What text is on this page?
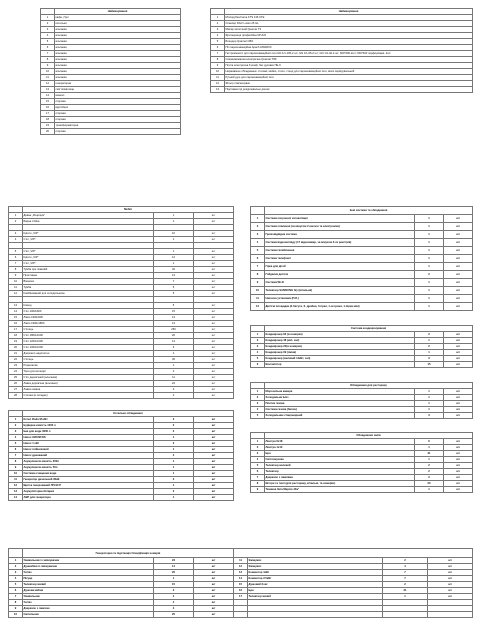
	Найменування
1	кафе „Грог
2	котельня
3	альтанка
4	альтанка
5	альтанка
6	альтанка
7	альтанка
8	альтанка
9	альтанка
10	альтанка
11	альтанка
12	генераторна
13	сміттєзвалище
14	мангал
15	огорожа
16	відстійник
17	огорожа
18	огорожа
19	трансформаторна
20	огорожа
	Найменування
1	М'ясорубка Fama FTS 136 UTE
2	Спаклер RGV Lusso 25 GL
3	Міксер молочний Quamar T2
4	Фритюрниця професійна 6Р-Zx6
5	Блендер Quamar CB/1
6	Піч пароконвекційна Apach ASWRXC
7	Гастроємності для пароконвекційної печі GN 1/1-100-2 шт; GN 1/1-65-2 шт; GN 1/1-40-2 шт; 600*400-2шт; 600*400 перфоровані- 2шт
8	Соковижималка електрична Quamar T89
9	Плита електрична 6 конф. без духовки ПЕ-6
10	Нержавіюче обладнання: стелажі, мийки, столи, стенд для пароконвекційної печі, візок сервірувальний
11	Ручний душ для пароконвекційної печі
12	Фільтр пом'якшувач
13	Підставка під розділювальні дошки
	Меблі		
1	Диван „Рецепція"	1	шт
2	Барна стійка	1	шт

3	Крісло „VIP"	10	шт
4	Стіл „VIP"	1	шт

5	Стіл „VIP"	1	шт
6	Крісло „VIP"	12	шт
7	Стіл „VIP"	1	шт
8	Тумба при ліжковій	32	шт
9	Приставна	13	шт
10	Вішалка	7	шт
11	Тумба	5	шт
12	Комбінований для холодильника	5	шт

13	Комод	5	шт
14	Стіл 1000х600	15	шт
15	Ліжко 1900х900	13	шт
16	Ліжко 1900х1800	13	шт
17	Стілець	250	шт
18	Стіл 1800х1000	26	шт
19	Стіл 1200х1000	14	шт
20	Стіл 1000х1000	6	шт
21	Дзеркало надплитне	1	шт
22	Стілець	36	шт
23	Роздягалка	1	шт
24	Трон для молодят	2	шт
25	Стіл дерев'яний (альтанки)	11	шт
26	Лавка дерев'яна (альтанки)	22	шт
27	Лавка кована	3	шт
28	Стелаж (в складах)	2	шт
	Інші системи та обладнання		
1	Система охоронної сигналізації	1	шт
2	Система опалення (за мінусом 2 насоси та електроніки)	1	шт
3	Громовідвідна система	1	шт
4	Система відеонагляду (17 відеокамер, за мінусом 2-ох реєстрів)	1	шт
5	Система галабачення	1	шт
6	Система телефонії	1	шт
7	Гірка для дітей	1	шт
8	Гойдалка дитяча	2	шт
9	Система Wi-Fi	1	шт
10	Телевізор SAMSUNG б/у (вітальня)	1	шт
11	Насосна установка (П.П.)	1	шт
12	Дитяча площадка (2-батути, 6- драбин, 3-гірки, 1-огорожа, 1-пірна міні)	1	шт
	Система кондиціонування		
1	Кондиціонер 60 (в номерах)	2	шт
2	Кондиціонер 48 (міл. зал)	1	шт
3	Кондиціонер 24(в номерах)	2	шт
4	Кондиціонер 09 (зміна)	1	шт
5	Кондиціонер (великий 14кВт, зал)	3	шт
6	Вентилятор	15	шт
	Обладнання для ресторану		
1	Морозильна камера	1	шт
2	Холодильна Бліз	1	шт
3	Плитка газова	1	шт
4	Система газова (балон)	1	шт
5	Холодильник стаціонарний	3	шт
	Котельня обладнання		
1	Котел Roda 96 кВт	3	шт
2	Буферна ємність 1000 л	2	шт
3	Бак для води 3000 л	2	шт
4	Насос GRUNFOS	1	шт
5	Насос 1 кВт	2	шт
6	Насос гнійниковий	1	шт
7	Насос дренажний	4	шт
8	Акумулююча ємність 300л	1	шт
9	Акумулююча ємність 50л	1	шт
10	Система очищення води	1	шт
11	Генератор дизельний 30кВ	2	шт
12	Щиток генерований ПП-90 Р	1	шт
13	Акумуляторна батарея	2	шт
14	АВР для генератора	1	шт
	Обладнання залів		
1	Люстра 6х18	6	шт
2	Люстра 1х10	1	шт
3	Бра	31	шт
4	Світломузика	1	шт
5	Телевізор великий	2	шт
6	Телевізор	2	шт
7	Дзеркало з лампами	2	шт
8	Штори та тюлі (для ресторану, вітальні, та номерів).	20	шт
9	Тканина біла Марсіа 44м²	1	шт
	Генераторна та підстанція Спеціфікація номерів						
1	Умивальник із змішувачем	23	шт	11	Змішувач	2	шт
2	Душкабіна із змішувачем	14	шт	12	Змішувач	4	шт
3	Унітаз	20	шт	13	Конвектор 1кВт	7	шт
4	Пісуар	1	шт	14	Конвектор 2.5кВт	7	шт
5	Телевізор малий	15	шт	15	Душовий бокс	2	шт
6	Душова кабіна	2	шт	16	Бра	31	шт
7	Умивальник	4	шт	17	Телевізор малий	1	шт
8	Унітаз	4	шт				
9	Дзеркало з лампою	4	шт				
10	Світильник	25	шт				
